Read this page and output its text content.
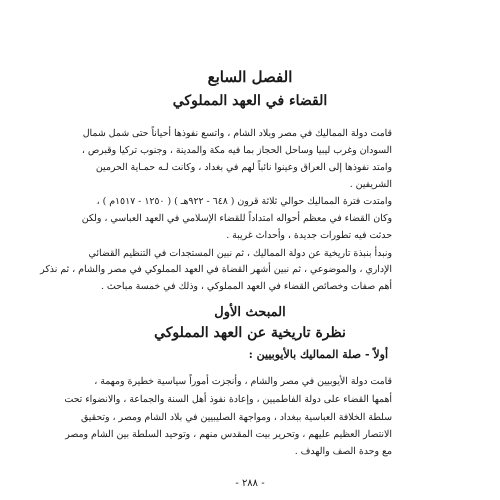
الفصل السابع
القضاء في العهد المملوكي
قامت دولة المماليك في مصر وبلاد الشام ، واتسع نفوذها أحياناً حتى شمل شمال
السودان وغرب ليبيا وساحل الحجاز بما فيه مكة والمدينة ، وجنوب تركيا وقبرص ،
وامتد نفوذها إلى العراق وعينوا نائباً لهم في بغداد ، وكانت لـه حمـاية الحرمين
الشريفين .
وامتدت فترة المماليك حوالي ثلاثة قرون ( ٦٤٨ - ٩٢٢هـ ) ( ١٢٥٠ - ١٥١٧م ) ،
وكان القضاء في معظم أحواله امتداداً للقضاء الإسلامي في العهد العباسي ، ولكن
حدثت فيه تطورات جديدة ، وأحداث غريبة .
ونبدأ بنبذة تاريخية عن دولة المماليك ، ثم نبين المستجدات في التنظيم القضائي
الإداري ، والموضوعي ، ثم نبين أشهر القضاة في العهد المملوكي في مصر والشام ، ثم نذكر
أهم صفات وخصائص القضاء في العهد المملوكي ، وذلك في خمسة مباحث .
المبحث الأول
نظرة تاريخية عن العهد المملوكي
أولاً - صلة المماليك بالأيوبيين :
قامت دولة الأيوبيين في مصر والشام ، وأنجزت أموراً سياسية خطيرة ومهمة ،
أهمها القضاء على دولة الفاطميين ، وإعادة نفوذ أهل السنة والجماعة ، والانضواء تحت
سلطة الخلافة العباسية ببغداد ، ومواجهة الصليبيين في بلاد الشام ومصر ، وتحقيق
الانتصار العظيم عليهم ، وتحرير بيت المقدس منهم ، وتوحيد السلطة بين الشام ومصر
مع وحدة الصف والهدف .
- ٢٨٨ -
